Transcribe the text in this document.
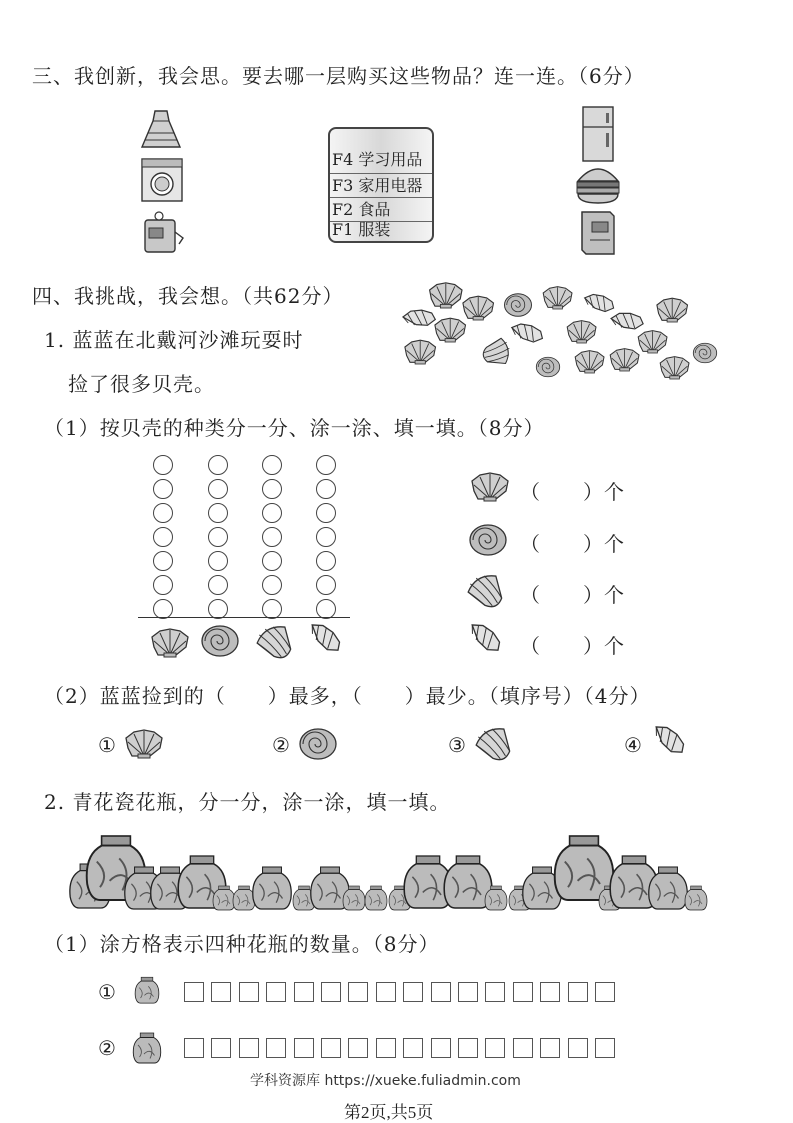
三、我创新，我会思。要去哪一层购买这些物品？连一连。（6分）
F4 学习用品
F3 家用电器
F2 食品
F1 服装
四、我挑战，我会想。（共62分）
1. 蓝蓝在北戴河沙滩玩耍时
捡了很多贝壳。
（1）按贝壳的种类分一分、涂一涂、填一填。（8分）
（　　）个
（　　）个
（　　）个
（　　）个
（2）蓝蓝捡到的（　　）最多，（　　）最少。（填序号）（4分）
①	②	③	④
2. 青花瓷花瓶，分一分，涂一涂，填一填。
（1）涂方格表示四种花瓶的数量。（8分）
①
②
学科资源库 https://xueke.fuliadmin.com
第2页,共5页
